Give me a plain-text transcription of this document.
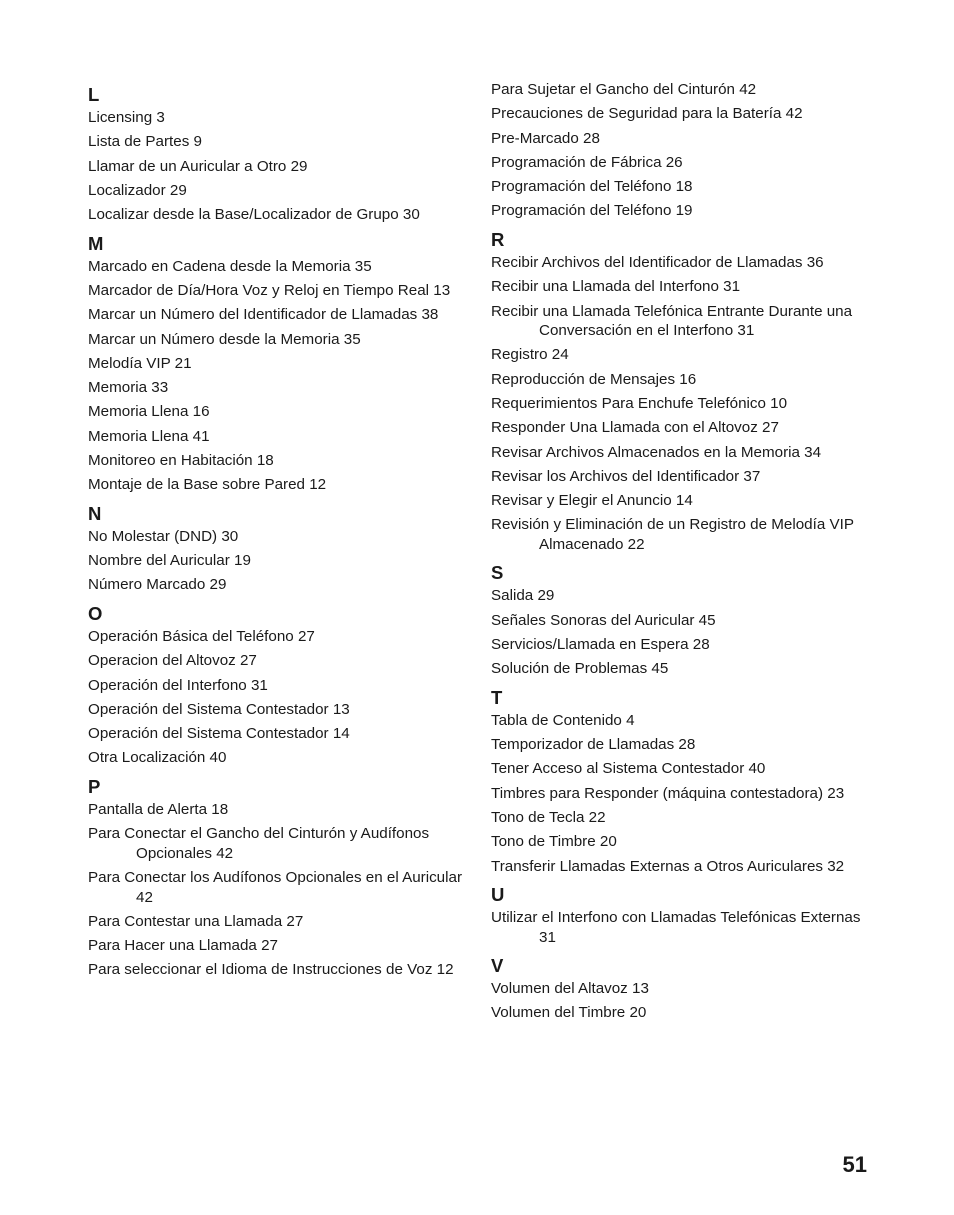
L
Licensing 3
Lista de Partes 9
Llamar de un Auricular a Otro 29
Localizador 29
Localizar desde la Base/Localizador de Grupo 30
M
Marcado en Cadena desde la Memoria 35
Marcador de Día/Hora Voz y Reloj en Tiempo Real 13
Marcar un Número del Identificador de Llamadas 38
Marcar un Número desde la Memoria 35
Melodía VIP 21
Memoria 33
Memoria Llena 16
Memoria Llena 41
Monitoreo en Habitación 18
Montaje de la Base sobre Pared 12
N
No Molestar (DND) 30
Nombre del Auricular 19
Número Marcado 29
O
Operación Básica del Teléfono 27
Operacion del Altovoz 27
Operación del Interfono 31
Operación del Sistema Contestador 13
Operación del Sistema Contestador 14
Otra Localización 40
P
Pantalla de Alerta 18
Para Conectar el Gancho del Cinturón y Audífonos Opcionales 42
Para Conectar los Audífonos Opcionales en el Auricular 42
Para Contestar una Llamada 27
Para Hacer una Llamada 27
Para seleccionar el Idioma de Instrucciones de Voz 12
Para Sujetar el Gancho del Cinturón 42
Precauciones de Seguridad para la Batería 42
Pre-Marcado 28
Programación de Fábrica 26
Programación del Teléfono 18
Programación del Teléfono 19
R
Recibir Archivos del Identificador de Llamadas 36
Recibir una Llamada del Interfono 31
Recibir una Llamada Telefónica Entrante Durante una Conversación en el Interfono 31
Registro 24
Reproducción de Mensajes 16
Requerimientos Para Enchufe Telefónico 10
Responder Una Llamada con el Altovoz 27
Revisar Archivos Almacenados en la Memoria 34
Revisar los Archivos del Identificador 37
Revisar y Elegir el Anuncio 14
Revisión y Eliminación de un Registro de Melodía VIP Almacenado 22
S
Salida 29
Señales Sonoras del Auricular 45
Servicios/Llamada en Espera 28
Solución de Problemas 45
T
Tabla de Contenido 4
Temporizador de Llamadas 28
Tener Acceso al Sistema Contestador 40
Timbres para Responder (máquina contestadora) 23
Tono de Tecla 22
Tono de Timbre 20
Transferir Llamadas Externas a Otros Auriculares 32
U
Utilizar el Interfono con Llamadas Telefónicas Externas 31
V
Volumen del Altavoz 13
Volumen del Timbre 20
51
